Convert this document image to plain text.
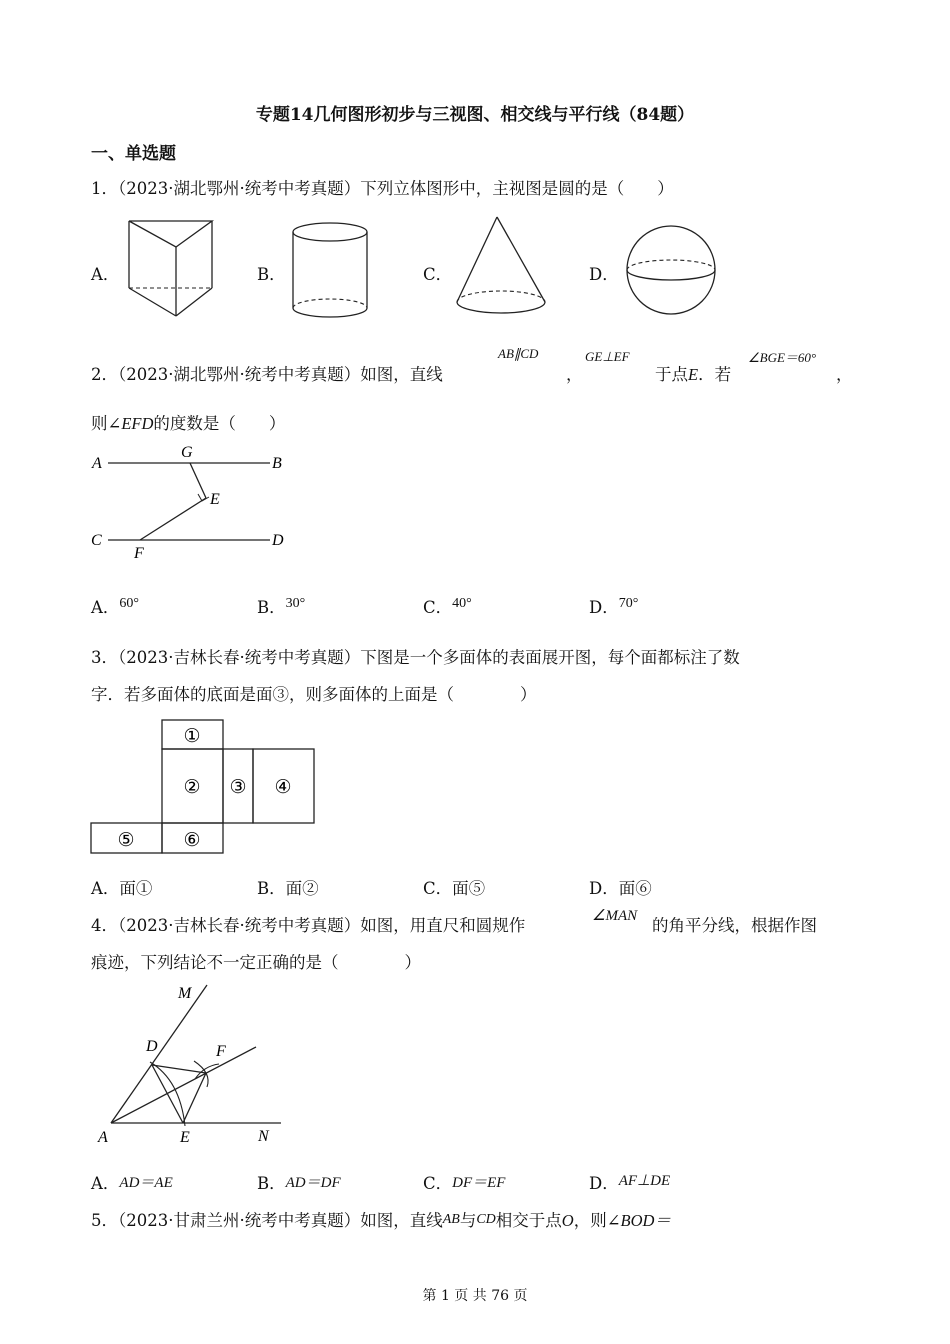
专题14几何图形初步与三视图、相交线与平行线（84题）
一、单选题
1．（2023·湖北鄂州·统考中考真题）下列立体图形中，主视图是圆的是（　　）
A．	B．	C．	D．
2．（2023·湖北鄂州·统考中考真题）如图，直线
AB∥CD
，
GE⊥EF
于点E．若
∠BGE＝60°
，
则∠EFD的度数是（　　）
A
G
B
E
C	D
F
A．$^{60^\circ}$	B．$^{30^\circ}$	C．$^{40^\circ}$	D．$^{70^\circ}$
3．（2023·吉林长春·统考中考真题）下图是一个多面体的表面展开图，每个面都标注了数
字．若多面体的底面是面③，则多面体的上面是（　　　　）
①
② ③ ④
⑤	⑥
A．面①	B．面②	C．面⑤	D．面⑥
4．（2023·吉林长春·统考中考真题）如图，用直尺和圆规作	∠MAN 的角平分线，根据作图
痕迹，下列结论不一定正确的是（　　　　）
A	E	N
D	F
M
A．AD＝AE	B．AD＝DF	C．DF＝EF	D．AF⊥DE
5．（2023·甘肃兰州·统考中考真题）如图，直线AB与CD相交于点O，则∠BOD＝
第 1 页 共 76 页
